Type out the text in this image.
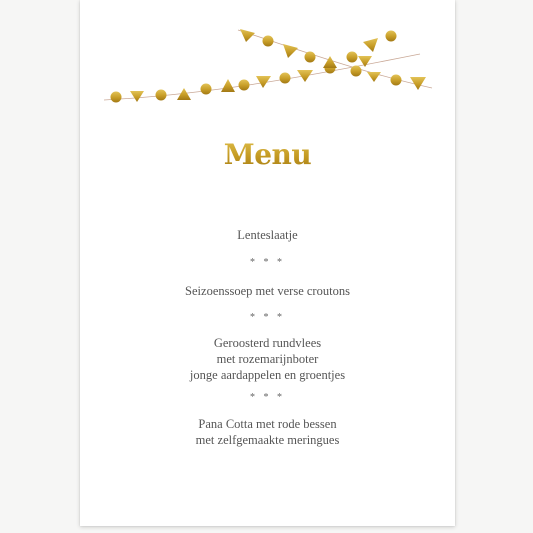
Menu
Lenteslaatje
* * *
Seizoenssoep met verse croutons
* * *
Geroosterd rundvlees
met rozemarijnboter
jonge aardappelen en groentjes
* * *
Pana Cotta met rode bessen
met zelfgemaakte meringues
